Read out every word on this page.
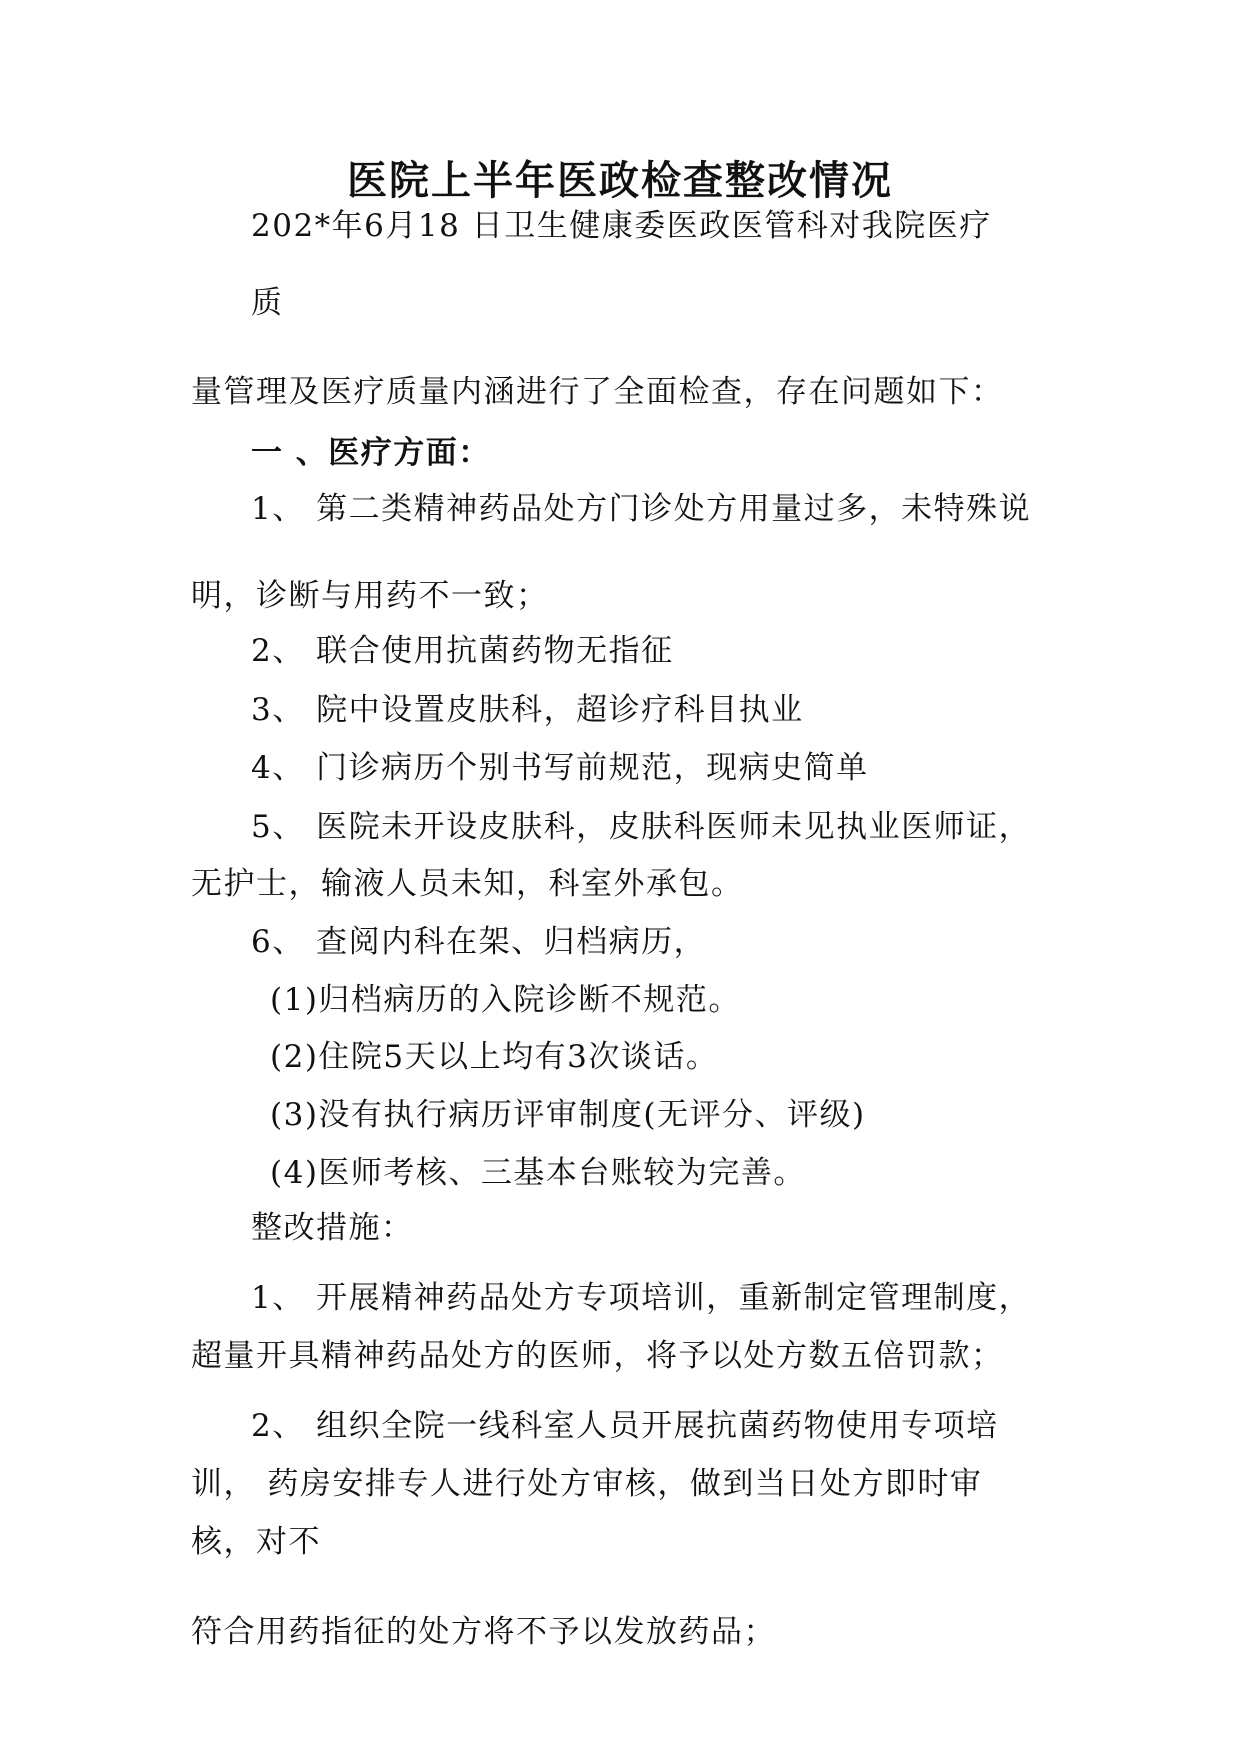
医院上半年医政检查整改情况
202*年6月18 日卫生健康委医政医管科对我院医疗
质
量管理及医疗质量内涵进行了全面检查，存在问题如下：
一 、医疗方面：
1、 第二类精神药品处方门诊处方用量过多，未特殊说
明，诊断与用药不一致；
2、 联合使用抗菌药物无指征
3、 院中设置皮肤科，超诊疗科目执业
4、 门诊病历个别书写前规范，现病史简单
5、 医院未开设皮肤科，皮肤科医师未见执业医师证，
无护士，输液人员未知，科室外承包。
6、 查阅内科在架、归档病历，
(1)归档病历的入院诊断不规范。
(2)住院5天以上均有3次谈话。
(3)没有执行病历评审制度(无评分、评级)
(4)医师考核、三基本台账较为完善。
整改措施：
1、 开展精神药品处方专项培训，重新制定管理制度，
超量开具精神药品处方的医师，将予以处方数五倍罚款；
2、 组织全院一线科室人员开展抗菌药物使用专项培
训， 药房安排专人进行处方审核，做到当日处方即时审
核，对不
符合用药指征的处方将不予以发放药品；
